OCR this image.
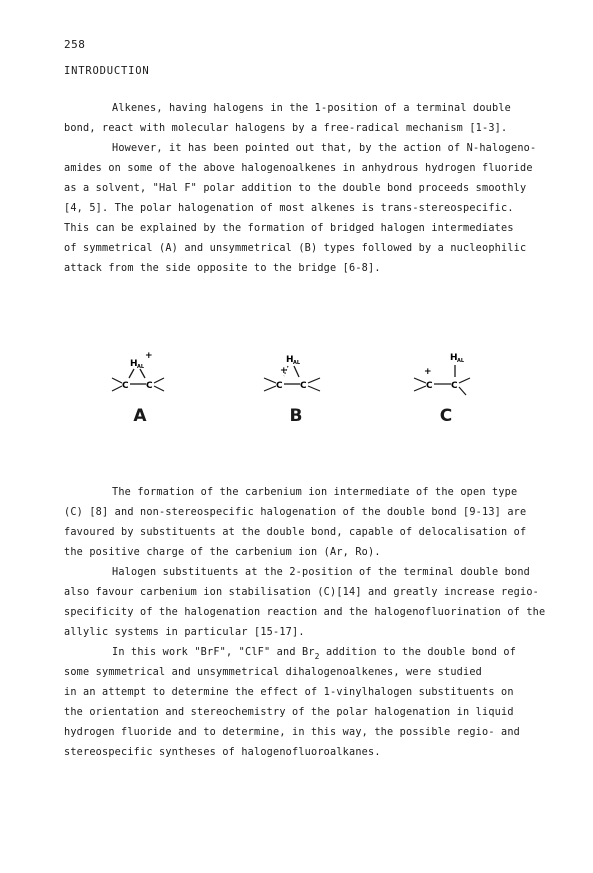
258
INTRODUCTION
Alkenes, having halogens in the 1-position of a terminal double
bond, react with molecular halogens by a free-radical mechanism [1-3].
However, it has been pointed out that, by the action of N-halogeno-
amides on some of the above halogenoalkenes in anhydrous hydrogen fluoride
as a solvent, "Hal F" polar addition to the double bond proceeds smoothly
[4, 5]. The polar halogenation of most alkenes is trans-stereospecific.
This can be explained by the formation of bridged halogen intermediates
of symmetrical (A) and unsymmetrical (B) types followed by a nucleophilic
attack from the side opposite to the bridge [6-8].
H AL
+
C C
A
H AL
+
C C
B
H AL
+
C C
C
The formation of the carbenium ion intermediate of the open type
(C) [8] and non-stereospecific halogenation of the double bond [9-13] are
favoured by substituents at the double bond, capable of delocalisation of
the positive charge of the carbenium ion (Ar, Ro).
Halogen substituents at the 2-position of the terminal double bond
also favour carbenium ion stabilisation (C)[14] and greatly increase regio-
specificity of the halogenation reaction and the halogenofluorination of the
allylic systems in particular [15-17].
In this work "BrF", "ClF" and $Br_2$ addition to the double bond of
some symmetrical and unsymmetrical dihalogenoalkenes, were studied
in an attempt to determine the effect of 1-vinylhalogen substituents on
the orientation and stereochemistry of the polar halogenation in liquid
hydrogen fluoride and to determine, in this way, the possible regio- and
stereospecific syntheses of halogenofluoroalkanes.
